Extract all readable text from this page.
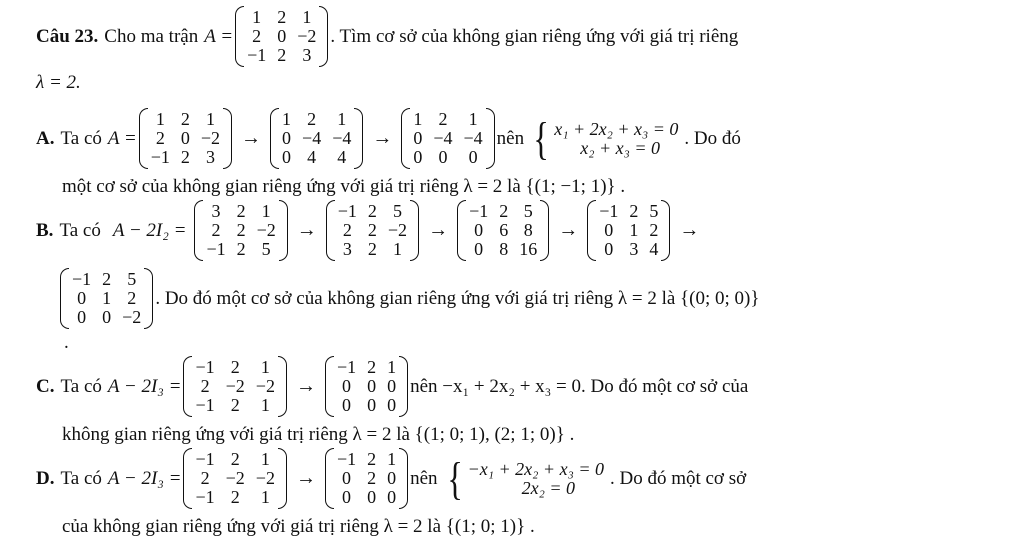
Câu 23. Cho ma trận A =
1 2 1
2 0 −2
−1 2 3
. Tìm cơ sở của không gian riêng ứng với giá trị riêng
λ = 2.
A. Ta có A =
1 2 1
2 0 −2
−1 2 3
→
1 2 1
0 −4 −4
0 4 4
→
1 2 1
0 −4 −4
0 0 0
nên { x₁ + 2x₂ + x₃ = 0
x₂ + x₃ = 0	. Do đó
một cơ sở của không gian riêng ứng với giá trị riêng λ = 2 là {(1; −1; 1)} .
B. Ta có A − 2I₂ =
3 2 1
2 2 −2
−1 2 5
→
−1 2 5
2 2 −2
3 2 1
→
−1 2 5
0 6 8
0 8 16
→
−1 2 5
0 1 2
0 3 4
→
−1 2 5
0 1 2
0 0 −2
. Do đó một cơ sở của không gian riêng ứng với giá trị riêng λ = 2 là {(0; 0; 0)}
.
C. Ta có A − 2I₃ =
−1 2 1
2 −2 −2
−1 2 1
→
−1 2 1
0 0 0
0 0 0
nên −x₁ + 2x₂ + x₃ = 0. Do đó một cơ sở của
không gian riêng ứng với giá trị riêng λ = 2 là {(1; 0; 1), (2; 1; 0)} .
D. Ta có A − 2I₃ =
−1 2 1
2 −2 −2
−1 2 1
→
−1 2 1
0 2 0
0 0 0
nên { −x₁ + 2x₂ + x₃ = 0
2x₂ = 0	. Do đó một cơ sở
của không gian riêng ứng với giá trị riêng λ = 2 là {(1; 0; 1)} .
